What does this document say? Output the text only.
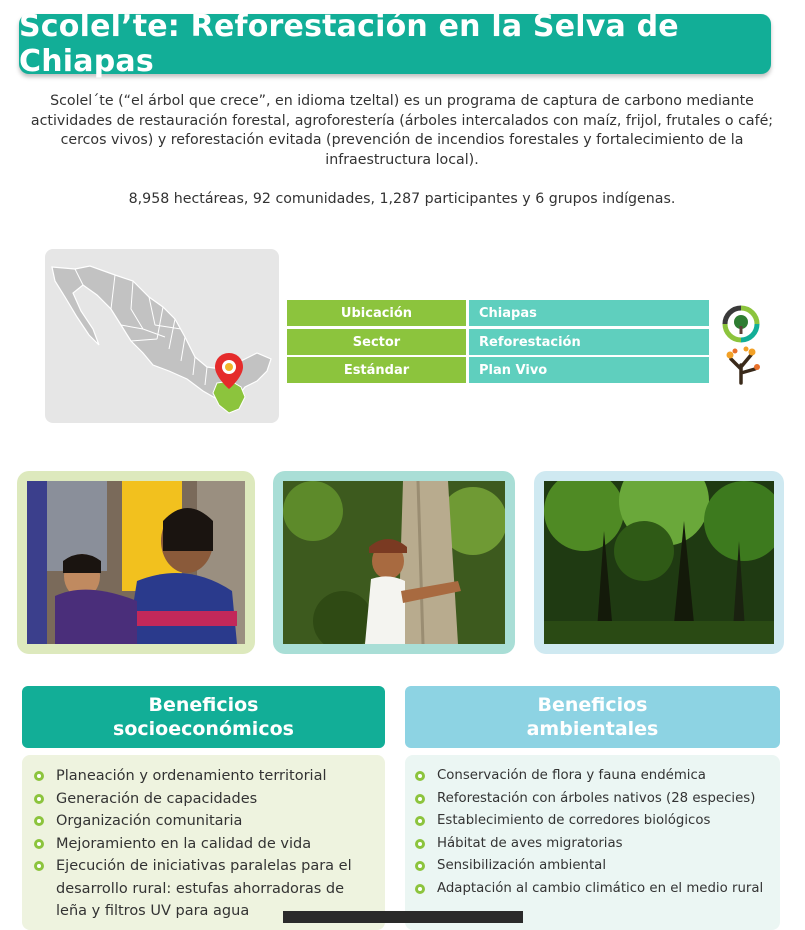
Scolel’te: Reforestación en la Selva de Chiapas
Scolel´te (“el árbol que crece”, en idioma tzeltal) es un programa de captura de carbono mediante actividades de restauración forestal, agroforestería (árboles intercalados con maíz, frijol, frutales o café; cercos vivos) y reforestación evitada (prevención de incendios forestales y fortalecimiento de la infraestructura local).
8,958 hectáreas, 92 comunidades, 1,287 participantes y 6 grupos indígenas.
Ubicación	Chiapas
Sector	Reforestación
Estándar	Plan Vivo
Beneficios
socioeconómicos
Beneficios
ambientales
Planeación y ordenamiento territorial
Generación de capacidades
Organización comunitaria
Mejoramiento en la calidad de vida
Ejecución de iniciativas paralelas para el desarrollo rural: estufas ahorradoras de leña y filtros UV para agua
Conservación de flora y fauna endémica
Reforestación con árboles nativos (28 especies)
Establecimiento de corredores biológicos
Hábitat de aves migratorias
Sensibilización ambiental
Adaptación al cambio climático en el medio rural
